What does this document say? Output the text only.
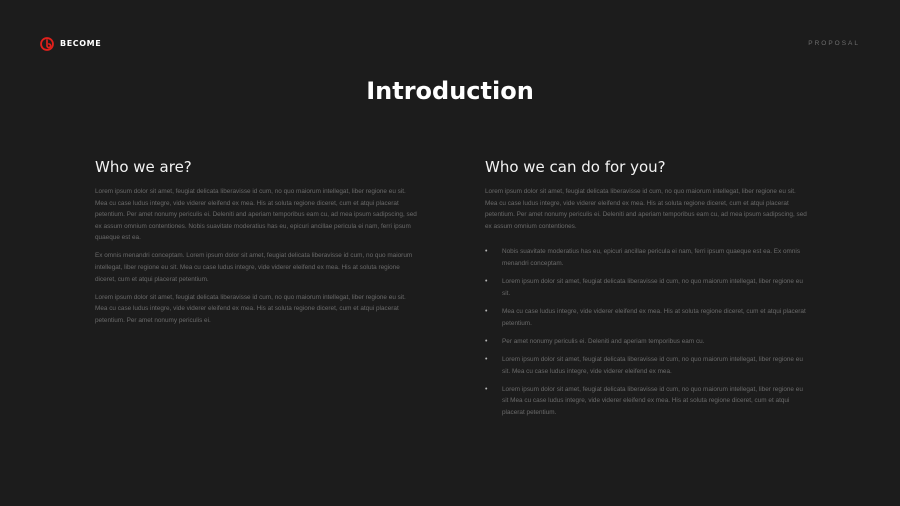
BECOME	PROPOSAL
Introduction
Who we are?

Lorem ipsum dolor sit amet, feugiat delicata liberavisse id cum, no quo maiorum intellegat, liber regione eu sit. Mea cu case ludus integre, vide viderer eleifend ex mea. His at soluta regione diceret, cum et atqui placerat petentium. Per amet nonumy periculis ei. Deleniti and aperiam temporibus eam cu, ad mea ipsum sadipscing, sed ex assum omnium contentiones. Nobis suavitate moderatius has eu, epicuri ancillae pericula ei nam, ferri ipsum quaeque est ea.

Ex omnis menandri conceptam. Lorem ipsum dolor sit amet, feugiat delicata liberavisse id cum, no quo maiorum intellegat, liber regione eu sit. Mea cu case ludus integre, vide viderer eleifend ex mea. His at soluta regione diceret, cum et atqui placerat petentium.

Lorem ipsum dolor sit amet, feugiat delicata liberavisse id cum, no quo maiorum intellegat, liber regione eu sit. Mea cu case ludus integre, vide viderer eleifend ex mea. His at soluta regione diceret, cum et atqui placerat petentium. Per amet nonumy periculis ei.

Who we can do for you?

Lorem ipsum dolor sit amet, feugiat delicata liberavisse id cum, no quo maiorum intellegat, liber regione eu sit. Mea cu case ludus integre, vide viderer eleifend ex mea. His at soluta regione diceret, cum et atqui placerat petentium. Per amet nonumy periculis ei. Deleniti and aperiam temporibus eam cu, ad mea ipsum sadipscing, sed ex assum omnium contentiones.

• Nobis suavitate moderatius has eu, epicuri ancillae pericula ei nam, ferri ipsum quaeque est ea. Ex omnis menandri conceptam.
• Lorem ipsum dolor sit amet, feugiat delicata liberavisse id cum, no quo maiorum intellegat, liber regione eu sit.
• Mea cu case ludus integre, vide viderer eleifend ex mea. His at soluta regione diceret, cum et atqui placerat petentium.
• Per amet nonumy periculis ei. Deleniti and aperiam temporibus eam cu.
• Lorem ipsum dolor sit amet, feugiat delicata liberavisse id cum, no quo maiorum intellegat, liber regione eu sit. Mea cu case ludus integre, vide viderer eleifend ex mea.
• Lorem ipsum dolor sit amet, feugiat delicata liberavisse id cum, no quo maiorum intellegat, liber regione eu sit Mea cu case ludus integre, vide viderer eleifend ex mea. His at soluta regione diceret, cum et atqui placerat petentium.
